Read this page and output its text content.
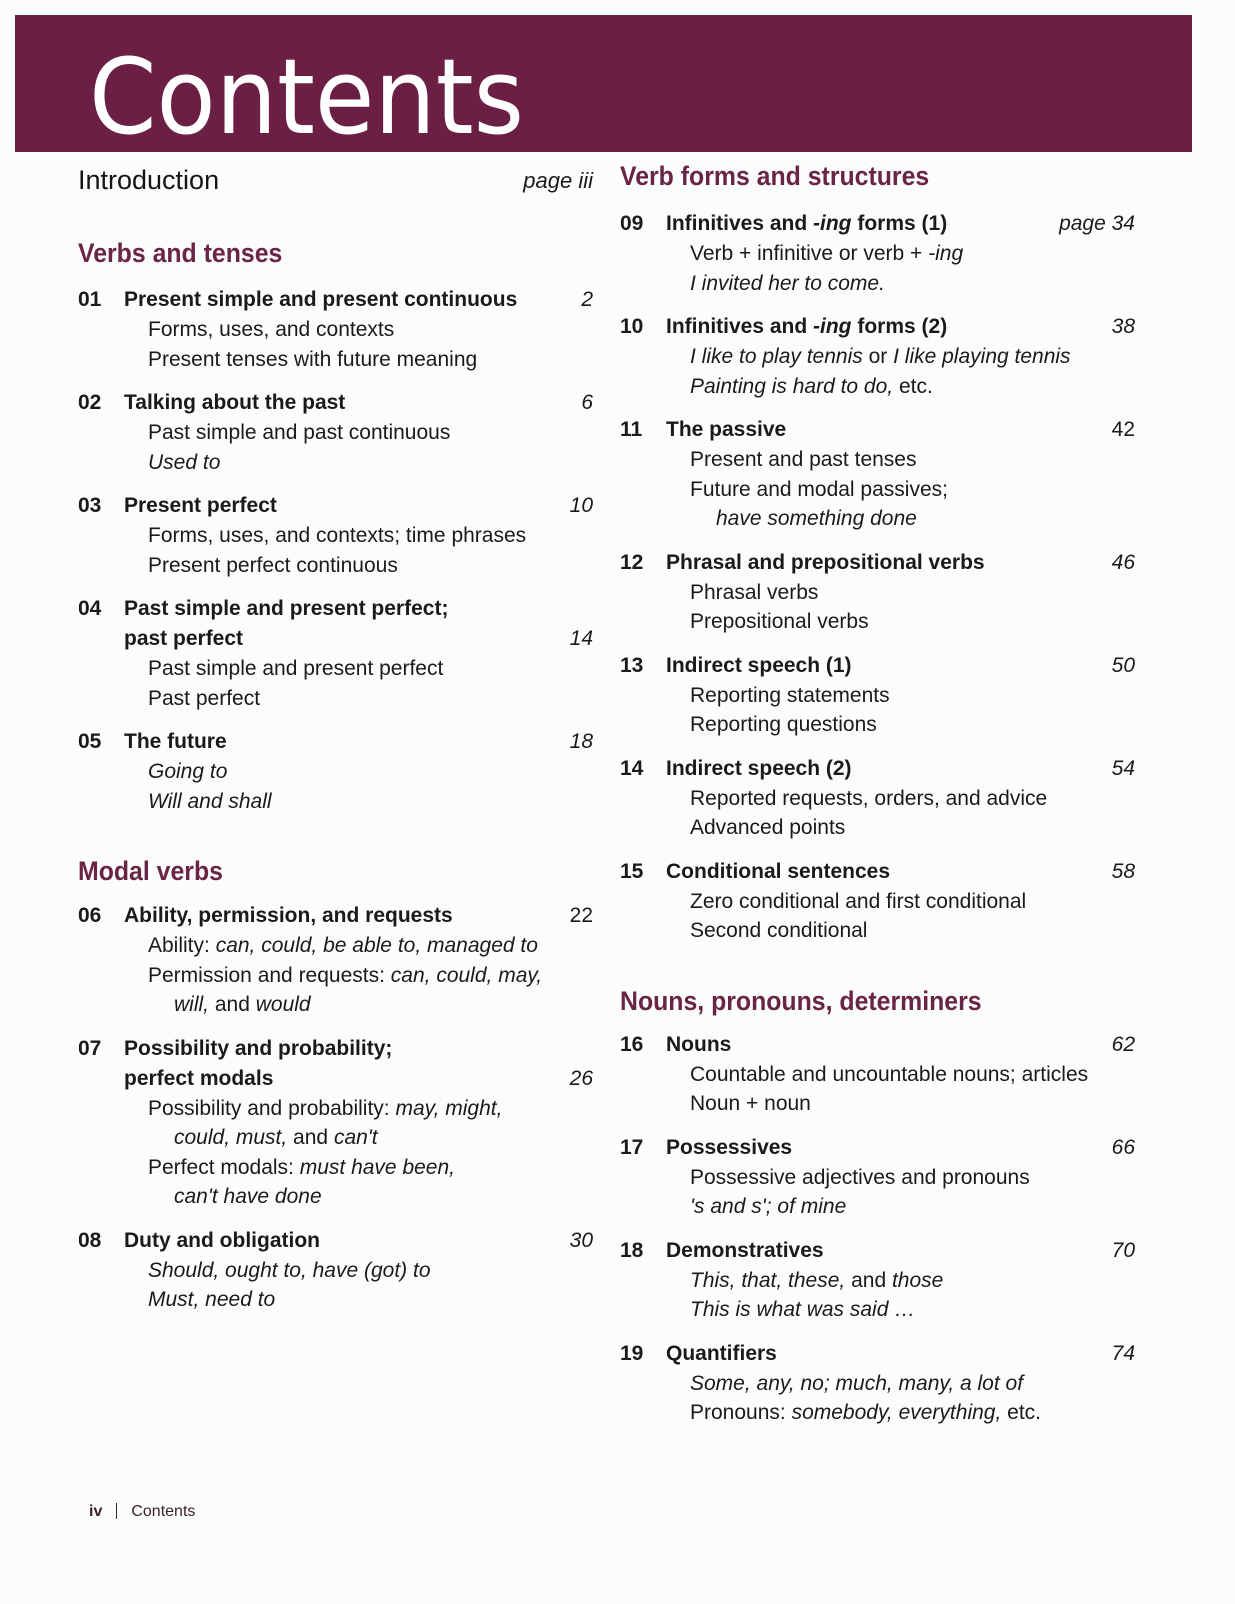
Contents
Introduction	page iii
Verbs and tenses
01 Present simple and present continuous	2
Forms, uses, and contexts
Present tenses with future meaning
02 Talking about the past	6
Past simple and past continuous
Used to
03 Present perfect	10
Forms, uses, and contexts; time phrases
Present perfect continuous
04 Past simple and present perfect;
past perfect	14
Past simple and present perfect
Past perfect
05 The future	18
Going to
Will and shall
Modal verbs
06 Ability, permission, and requests	22
Ability: can, could, be able to, managed to
Permission and requests: can, could, may,
will, and would
07 Possibility and probability;
perfect modals	26
Possibility and probability: may, might,
could, must, and can't
Perfect modals: must have been,
can't have done
08 Duty and obligation	30
Should, ought to, have (got) to
Must, need to
Verb forms and structures
09 Infinitives and -ing forms (1)	page 34
Verb + infinitive or verb + -ing
I invited her to come.
10 Infinitives and -ing forms (2)	38
I like to play tennis or I like playing tennis
Painting is hard to do, etc.
11 The passive	42
Present and past tenses
Future and modal passives;
have something done
12 Phrasal and prepositional verbs	46
Phrasal verbs
Prepositional verbs
13 Indirect speech (1)	50
Reporting statements
Reporting questions
14 Indirect speech (2)	54
Reported requests, orders, and advice
Advanced points
15 Conditional sentences	58
Zero conditional and first conditional
Second conditional
Nouns, pronouns, determiners
16 Nouns	62
Countable and uncountable nouns; articles
Noun + noun
17 Possessives	66
Possessive adjectives and pronouns
's and s'; of mine
18 Demonstratives	70
This, that, these, and those
This is what was said …
19 Quantifiers	74
Some, any, no; much, many, a lot of
Pronouns: somebody, everything, etc.
iv Contents
